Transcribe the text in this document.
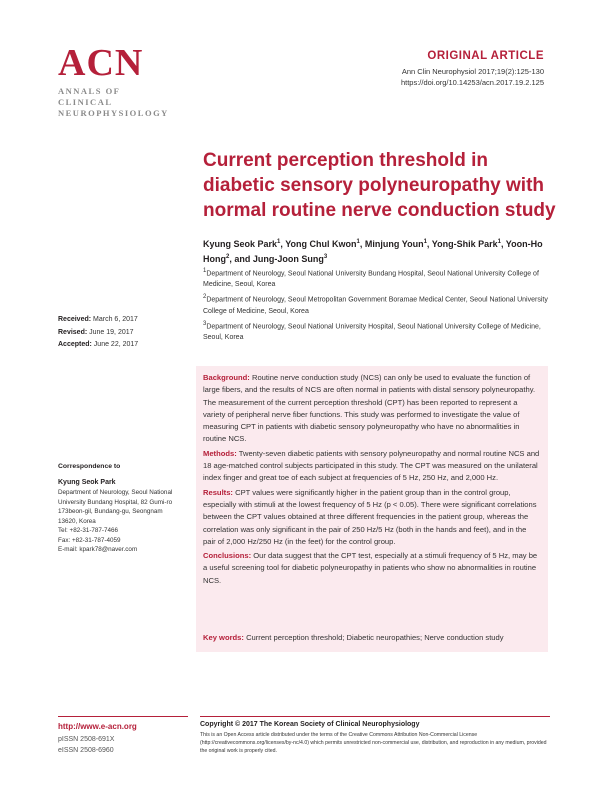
ACN
ANNALS OF
CLINICAL
NEUROPHYSIOLOGY
ORIGINAL ARTICLE
Ann Clin Neurophysiol 2017;19(2):125-130
https://doi.org/10.14253/acn.2017.19.2.125
Current perception threshold in diabetic sensory polyneuropathy with normal routine nerve conduction study
Kyung Seok Park$^1$, Yong Chul Kwon$^1$, Minjung Youn$^1$, Yong-Shik Park$^1$, Yoon-Ho Hong$^2$, and Jung-Joon Sung$^3$
$^1$Department of Neurology, Seoul National University Bundang Hospital, Seoul National University College of Medicine, Seoul, Korea
$^2$Department of Neurology, Seoul Metropolitan Government Boramae Medical Center, Seoul National University College of Medicine, Seoul, Korea
$^3$Department of Neurology, Seoul National University Hospital, Seoul National University College of Medicine, Seoul, Korea
Received: March 6, 2017
Revised: June 19, 2017
Accepted: June 22, 2017

Background: Routine nerve conduction study (NCS) can only be used to evaluate the function of large fibers, and the results of NCS are often normal in patients with distal sensory polyneuropathy. The measurement of the current perception threshold (CPT) has been reported to represent a variety of peripheral nerve fiber functions. This study was performed to investigate the value of measuring CPT in patients with diabetic sensory polyneuropathy who have no abnormalities in routine NCS.

Methods: Twenty-seven diabetic patients with sensory polyneuropathy and normal routine NCS and 18 age-matched control subjects participated in this study. The CPT was measured on the unilateral index finger and great toe of each subject at frequencies of 5 Hz, 250 Hz, and 2,000 Hz.

Results: CPT values were significantly higher in the patient group than in the control group, especially with stimuli at the lowest frequency of 5 Hz (p < 0.05). There were significant correlations between the CPT values obtained at three different frequencies in the patient group, whereas the correlation was only significant in the pair of 250 Hz/5 Hz (both in the hands and feet), and in the pair of 2,000 Hz/250 Hz (in the feet) for the control group.

Conclusions: Our data suggest that the CPT test, especially at a stimuli frequency of 5 Hz, may be a useful screening tool for diabetic polyneuropathy in patients who show no abnormalities in routine NCS.

Key words: Current perception threshold; Diabetic neuropathies; Nerve conduction study

Correspondence to
Kyung Seok Park
Department of Neurology, Seoul National
University Bundang Hospital, 82 Gumi-ro
173beon-gil, Bundang-gu, Seongnam
13620, Korea
Tel: +82-31-787-7466
Fax: +82-31-787-4059
E-mail: kpark78@naver.com
http://www.e-acn.org
pISSN 2508-691X
eISSN 2508-6960
Copyright © 2017 The Korean Society of Clinical Neurophysiology
This is an Open Access article distributed under the terms of the Creative Commons Attribution Non-Commercial License (http://creativecommons.org/licenses/by-nc/4.0) which permits unrestricted non-commercial use, distribution, and reproduction in any medium, provided the original work is properly cited.
